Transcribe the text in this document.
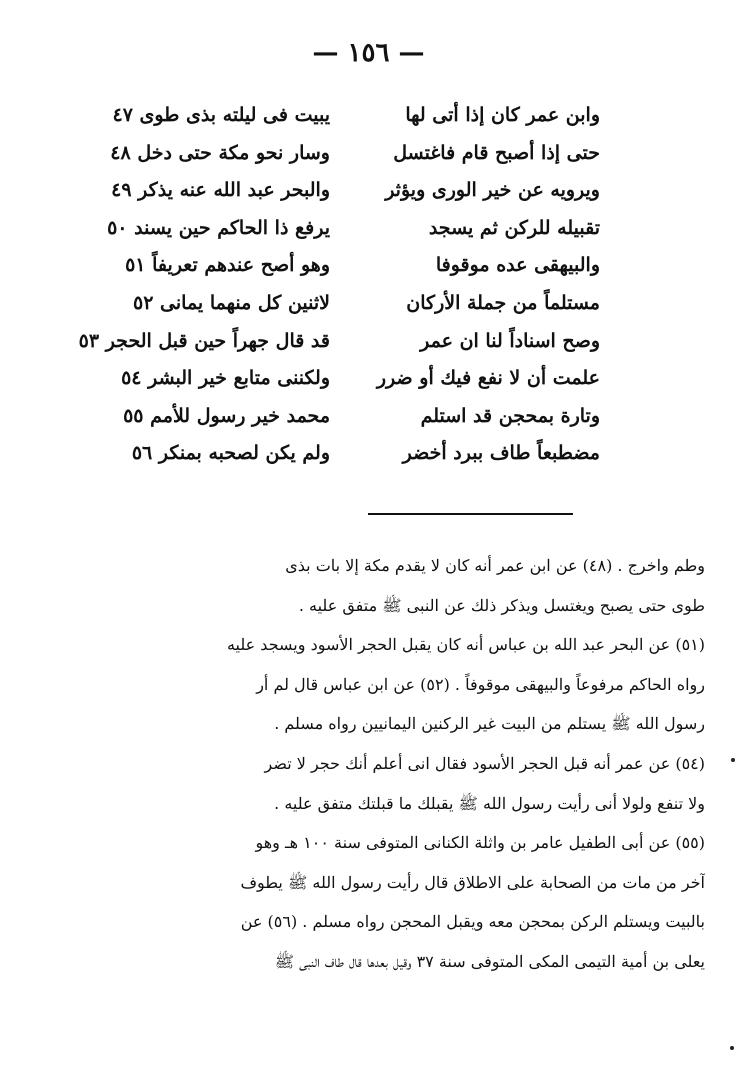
— ١٥٦ —
وابن عمر كان إذا أتى لها
يبيت فى ليلته بذى طوى ٤٧
حتى إذا أصبح قام فاغتسل
وسار نحو مكة حتى دخل ٤٨
ويرويه عن خير الورى ويؤثر
والبحر عبد الله عنه يذكر ٤٩
تقبيله للركن ثم يسجد
يرفع ذا الحاكم حين يسند ٥٠
والبيهقى عده موقوفا
وهو أصح عندهم تعريفاً ٥١
مستلماً من جملة الأركان
لاثنين كل منهما يمانى ٥٢
وصح اسناداً لنا ان عمر
قد قال جهراً حين قبل الحجر ٥٣
علمت أن لا نفع فيك أو ضرر
ولكننى متابع خير البشر ٥٤
وتارة بمحجن قد استلم
محمد خير رسول للأمم ٥٥
مضطبعاً طاف ببرد أخضر
ولم يكن لصحبه بمنكر ٥٦
وطم واخرج . (٤٨) عن ابن عمر أنه كان لا يقدم مكة إلا بات بذى
طوى حتى يصبح ويغتسل ويذكر ذلك عن النبى ﷺ متفق عليه .
(٥١) عن البحر عبد الله بن عباس أنه كان يقبل الحجر الأسود ويسجد عليه
رواه الحاكم مرفوعاً والبيهقى موقوفاً . (٥٢) عن ابن عباس قال لم أر
رسول الله ﷺ يستلم من البيت غير الركنين اليمانيين رواه مسلم .
(٥٤) عن عمر أنه قبل الحجر الأسود فقال انى أعلم أنك حجر لا تضر
ولا تنفع ولولا أنى رأيت رسول الله ﷺ يقبلك ما قبلتك متفق عليه .
(٥٥) عن أبى الطفيل عامر بن واثلة الكنانى المتوفى سنة ١٠٠ هـ وهو
آخر من مات من الصحابة على الاطلاق قال رأيت رسول الله ﷺ يطوف
بالبيت ويستلم الركن بمحجن معه ويقبل المحجن رواه مسلم . (٥٦) عن
يعلى بن أمية التيمى المكى المتوفى سنة ٣٧ وقيل بعدها قال طاف النبى ﷺ
